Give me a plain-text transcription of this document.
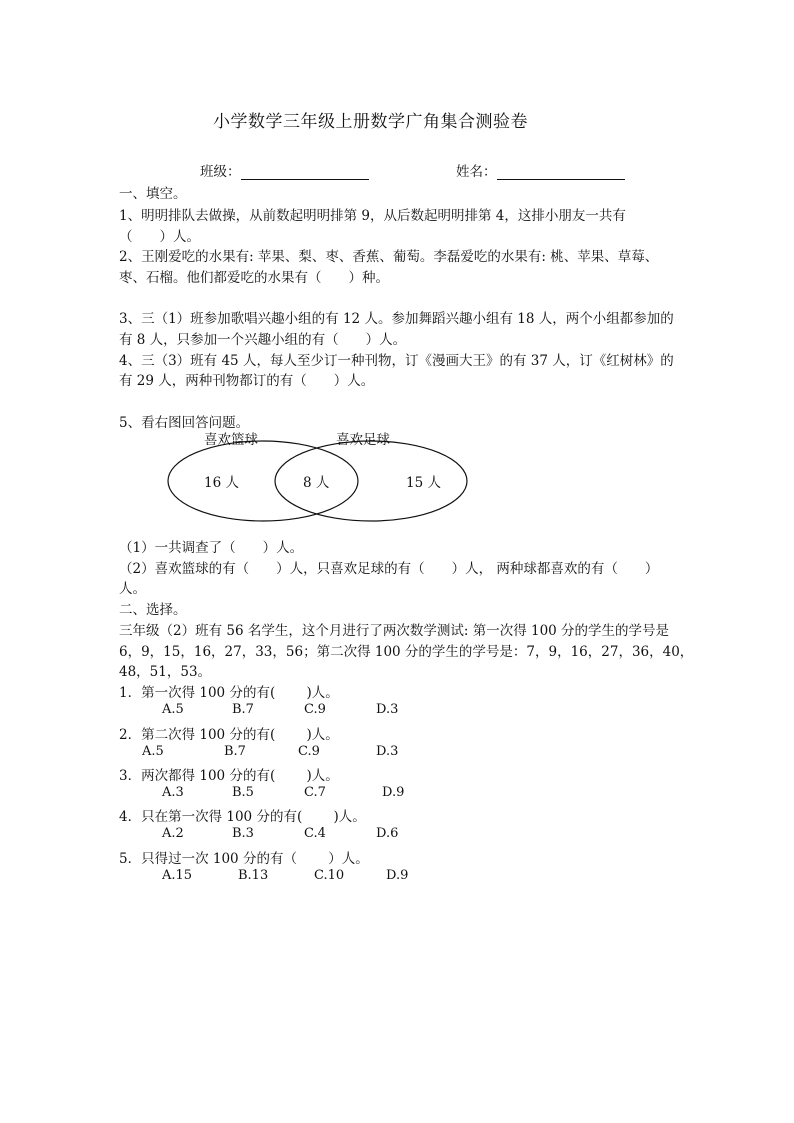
小学数学三年级上册数学广角集合测验卷
班级：	姓名：
一、填空。
1、明明排队去做操，从前数起明明排第 9，从后数起明明排第 4，这排小朋友一共有
（　　）人。
2、王刚爱吃的水果有: 苹果、梨、枣、香蕉、葡萄。李磊爱吃的水果有: 桃、苹果、草莓、
枣、石榴。他们都爱吃的水果有（　　）种。
3、三（1）班参加歌唱兴趣小组的有 12 人。参加舞蹈兴趣小组有 18 人，两个小组都参加的
有 8 人，只参加一个兴趣小组的有（　　）人。
4、三（3）班有 45 人，每人至少订一种刊物，订《漫画大王》的有 37 人，订《红树林》的
有 29 人，两种刊物都订的有（　　）人。
5、看右图回答问题。
喜欢篮球	喜欢足球
16 人	8 人	15 人
（1）一共调查了（　　）人。
（2）喜欢篮球的有（　　）人，只喜欢足球的有（　　）人， 两种球都喜欢的有（　　）
人。
二、选择。
三年级（2）班有 56 名学生，这个月进行了两次数学测试: 第一次得 100 分的学生的学号是
6，9，15，16，27，33，56；第二次得 100 分的学生的学号是：7，9，16，27，36，40，
48，51，53。
1．第一次得 100 分的有(　　 )人。
A.5	B.7	C.9	D.3
2．第二次得 100 分的有(　　 )人。
A.5	B.7	C.9	D.3
3．两次都得 100 分的有(　　 )人。
A.3	B.5	C.7	D.9
4．只在第一次得 100 分的有(　　 )人。
A.2	B.3	C.4	D.6
5．只得过一次 100 分的有（　　 ）人。
A.15	B.13	C.10	D.9
